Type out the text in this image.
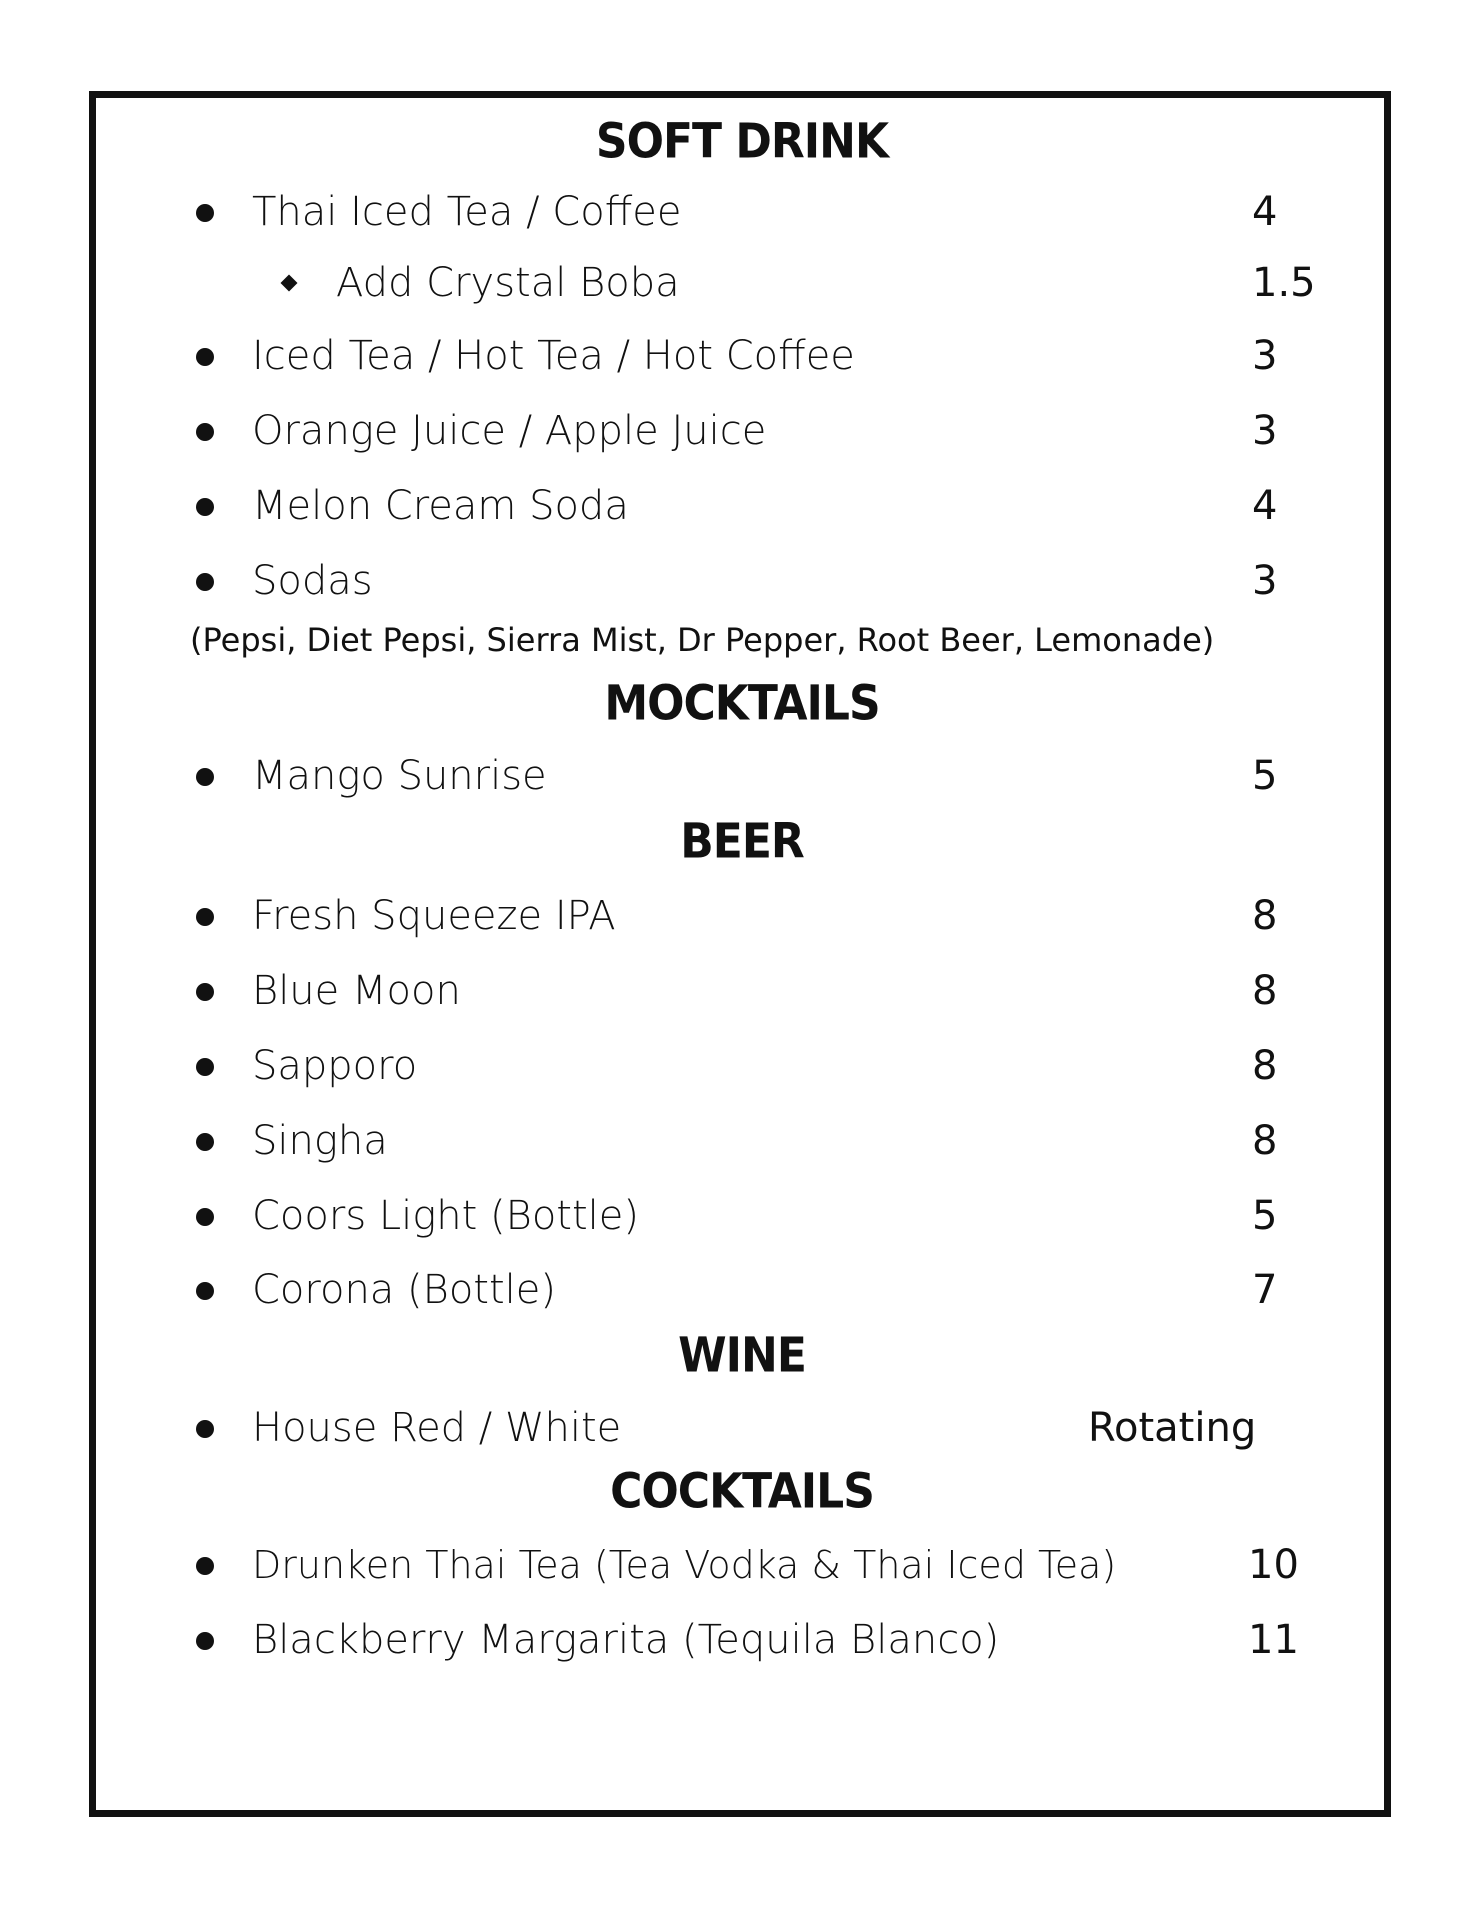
SOFT DRINK
Thai Iced Tea / Coffee	4
Add Crystal Boba	1.5
Iced Tea / Hot Tea / Hot Coffee	3
Orange Juice / Apple Juice	3
Melon Cream Soda	4
Sodas	3
(Pepsi, Diet Pepsi, Sierra Mist, Dr Pepper, Root Beer, Lemonade)
MOCKTAILS
Mango Sunrise	5
BEER
Fresh Squeeze IPA	8
Blue Moon	8
Sapporo	8
Singha	8
Coors Light (Bottle)	5
Corona (Bottle)	7
WINE
House Red / White	Rotating
COCKTAILS
Drunken Thai Tea (Tea Vodka & Thai Iced Tea)	10
Blackberry Margarita (Tequila Blanco)	11
